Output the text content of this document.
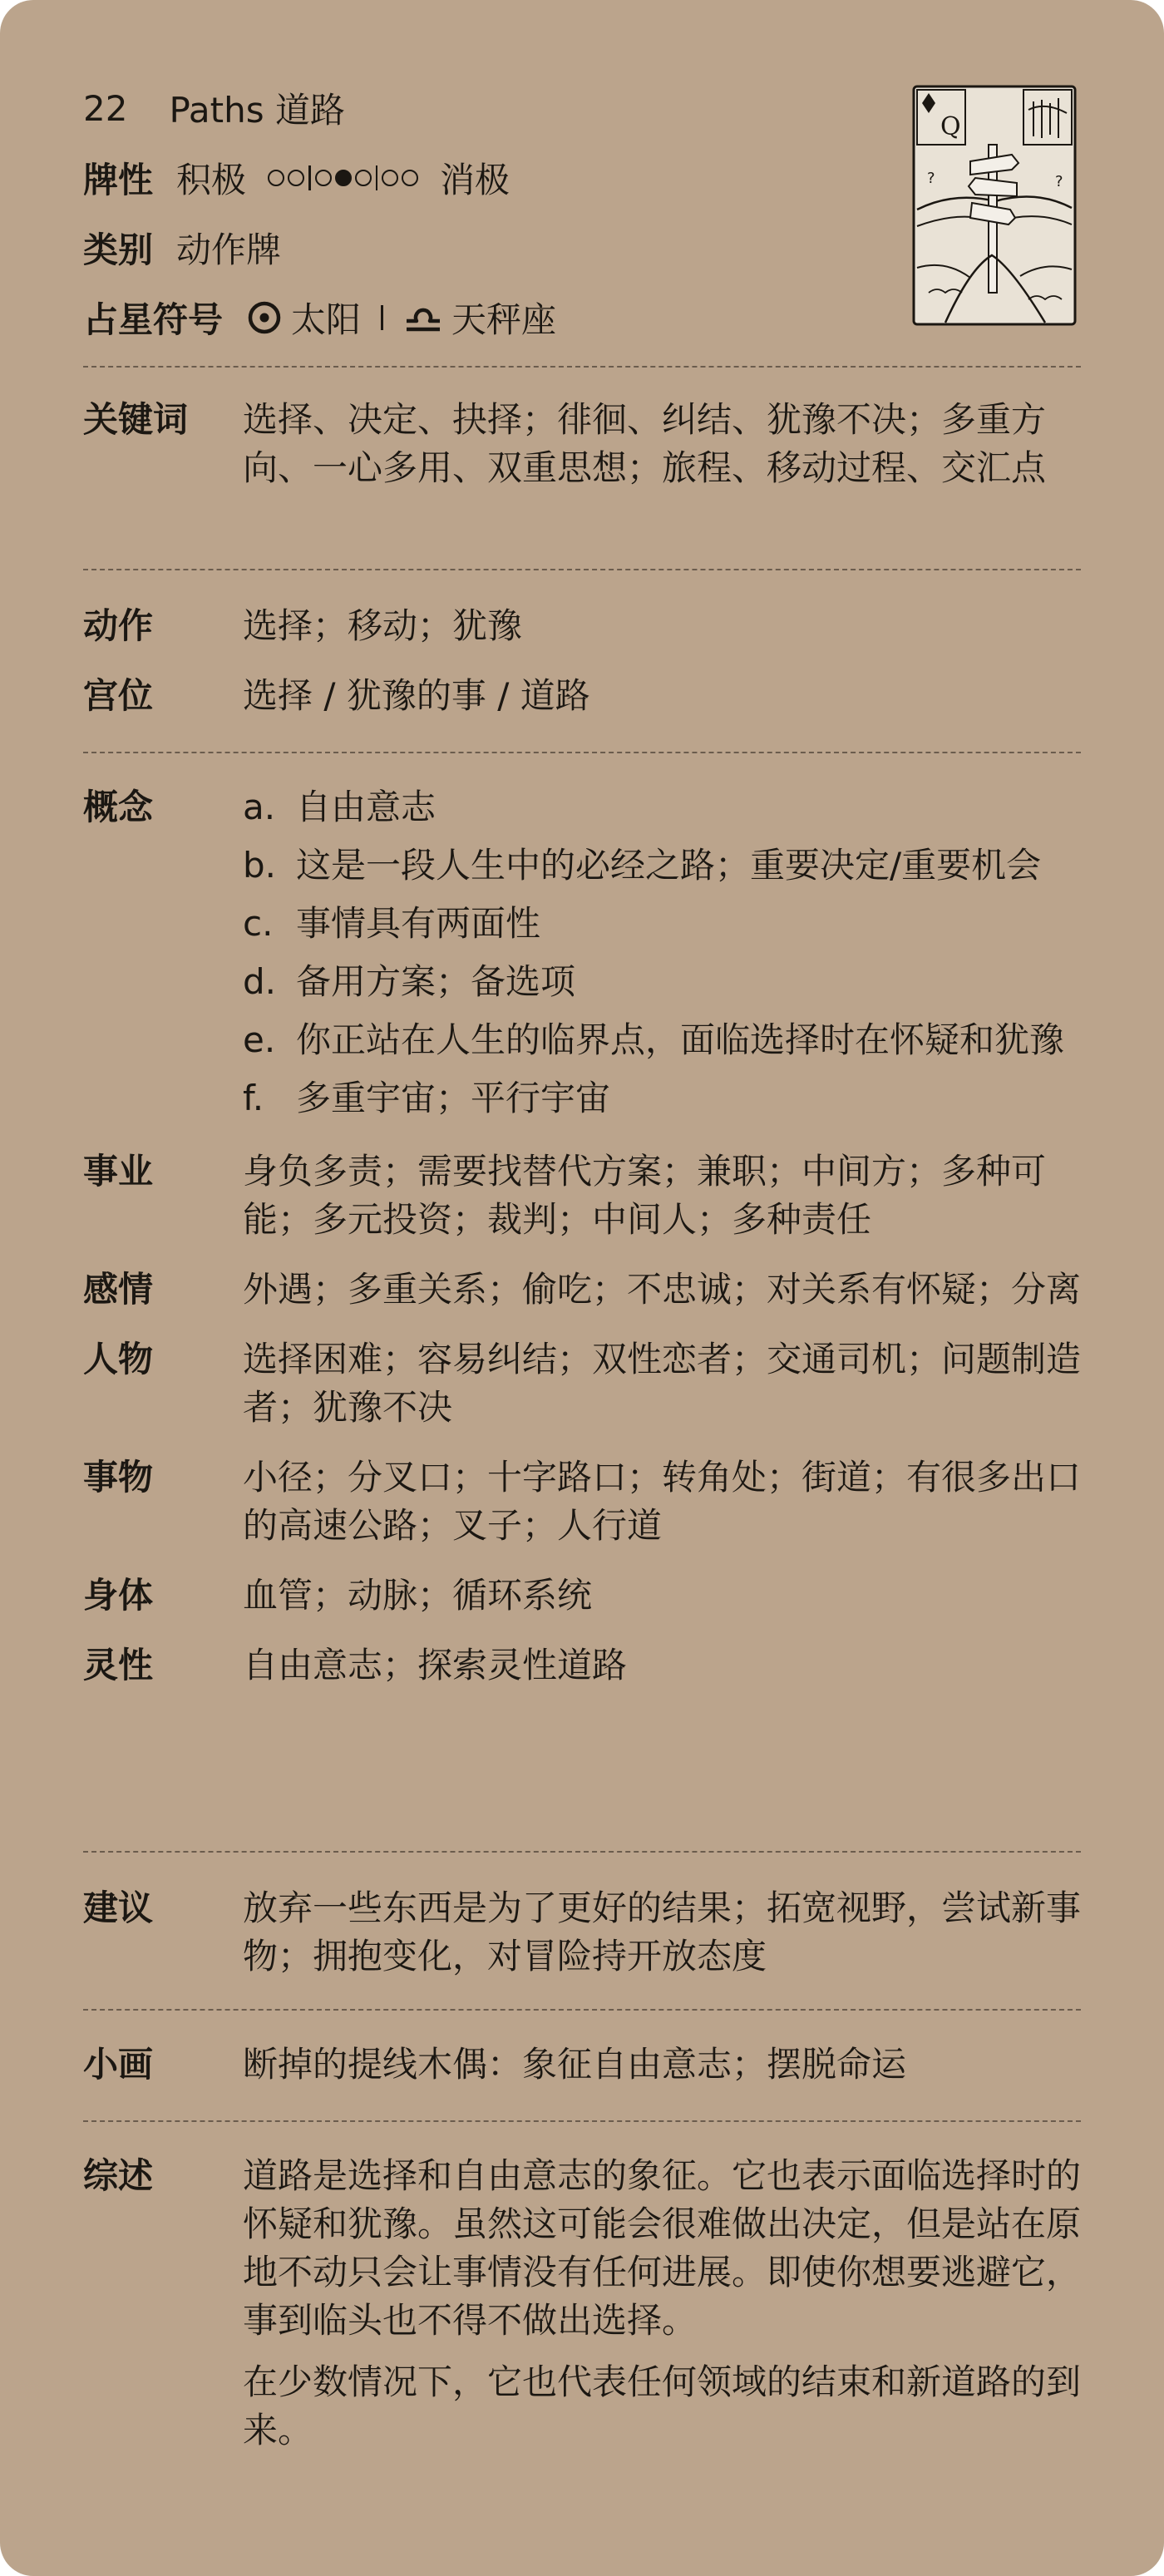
22 Paths 道路
牌性 积极	消极
类别 动作牌
占星符号 太阳	天秤座
Q
?	?
关键词	选择、决定、抉择；徘徊、纠结、犹豫不决；多重方向、一心多用、双重思想；旅程、移动过程、交汇点
动作	选择；移动；犹豫
宫位	选择 / 犹豫的事 / 道路
概念	a. 自由意志
b. 这是一段人生中的必经之路；重要决定/重要机会
c. 事情具有两面性
d. 备用方案；备选项
e. 你正站在人生的临界点，面临选择时在怀疑和犹豫
f. 多重宇宙；平行宇宙
事业	身负多责；需要找替代方案；兼职；中间方；多种可能；多元投资；裁判；中间人；多种责任
感情	外遇；多重关系；偷吃；不忠诚；对关系有怀疑；分离
人物	选择困难；容易纠结；双性恋者；交通司机；问题制造者；犹豫不决
事物	小径；分叉口；十字路口；转角处；街道；有很多出口的高速公路；叉子；人行道
身体	血管；动脉；循环系统
灵性	自由意志；探索灵性道路
建议	放弃一些东西是为了更好的结果；拓宽视野，尝试新事物；拥抱变化，对冒险持开放态度
小画	断掉的提线木偶：象征自由意志；摆脱命运
综述	道路是选择和自由意志的象征。它也表示面临选择时的怀疑和犹豫。虽然这可能会很难做出决定，但是站在原地不动只会让事情没有任何进展。即使你想要逃避它，事到临头也不得不做出选择。
在少数情况下，它也代表任何领域的结束和新道路的到来。
